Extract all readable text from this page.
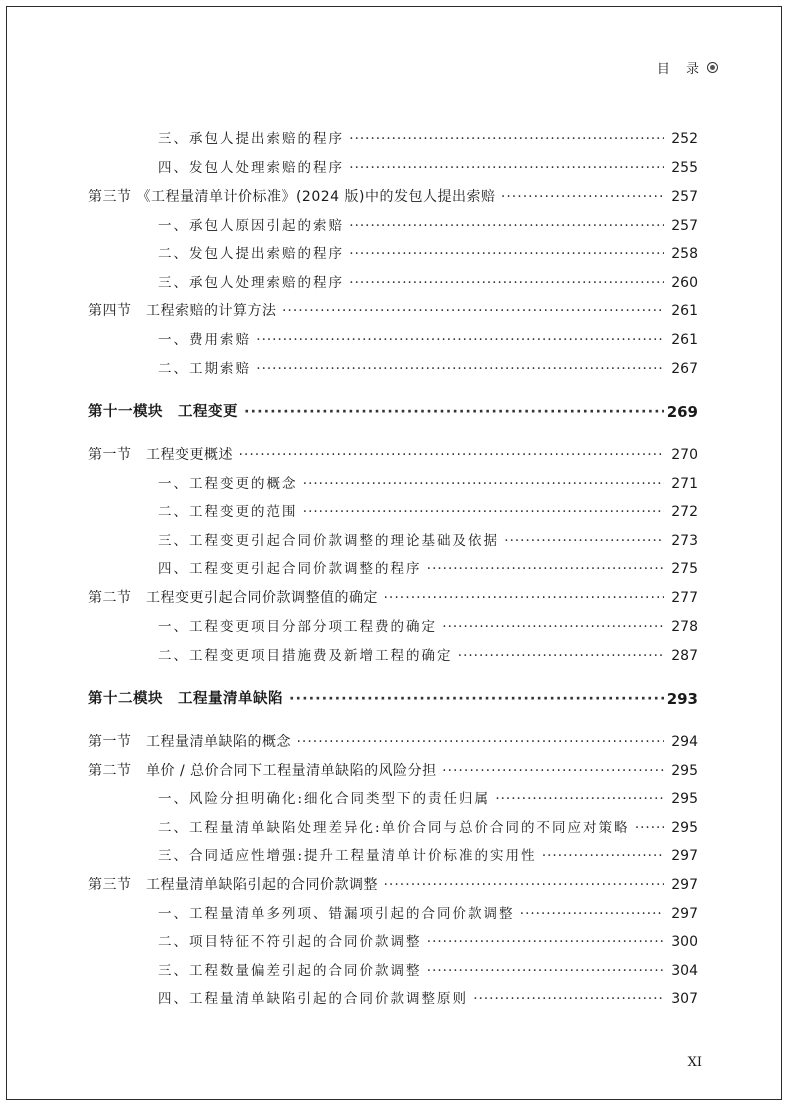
目 录
三、承包人提出索赔的程序 ·····	252
四、发包人处理索赔的程序 ·····	255
第三节 《工程量清单计价标准》(2024 版)中的发包人提出索赔 ·····	257
一、承包人原因引起的索赔 ·····	257
二、发包人提出索赔的程序 ·····	258
三、承包人处理索赔的程序 ·····	260
第四节　工程索赔的计算方法 ·····	261
一、费用索赔 ·····	261
二、工期索赔 ·····	267
第十一模块　工程变更 ·····	269
第一节　工程变更概述 ·····	270
一、工程变更的概念 ·····	271
二、工程变更的范围 ·····	272
三、工程变更引起合同价款调整的理论基础及依据 ·····	273
四、工程变更引起合同价款调整的程序 ·····	275
第二节　工程变更引起合同价款调整值的确定 ·····	277
一、工程变更项目分部分项工程费的确定 ·····	278
二、工程变更项目措施费及新增工程的确定 ·····	287
第十二模块　工程量清单缺陷 ·····	293
第一节　工程量清单缺陷的概念 ·····	294
第二节　单价 / 总价合同下工程量清单缺陷的风险分担 ·····	295
一、风险分担明确化:细化合同类型下的责任归属 ·····	295
二、工程量清单缺陷处理差异化:单价合同与总价合同的不同应对策略 ·····	295
三、合同适应性增强:提升工程量清单计价标准的实用性 ·····	297
第三节　工程量清单缺陷引起的合同价款调整 ·····	297
一、工程量清单多列项、错漏项引起的合同价款调整 ·····	297
二、项目特征不符引起的合同价款调整 ·····	300
三、工程数量偏差引起的合同价款调整 ·····	304
四、工程量清单缺陷引起的合同价款调整原则 ·····	307
XI
